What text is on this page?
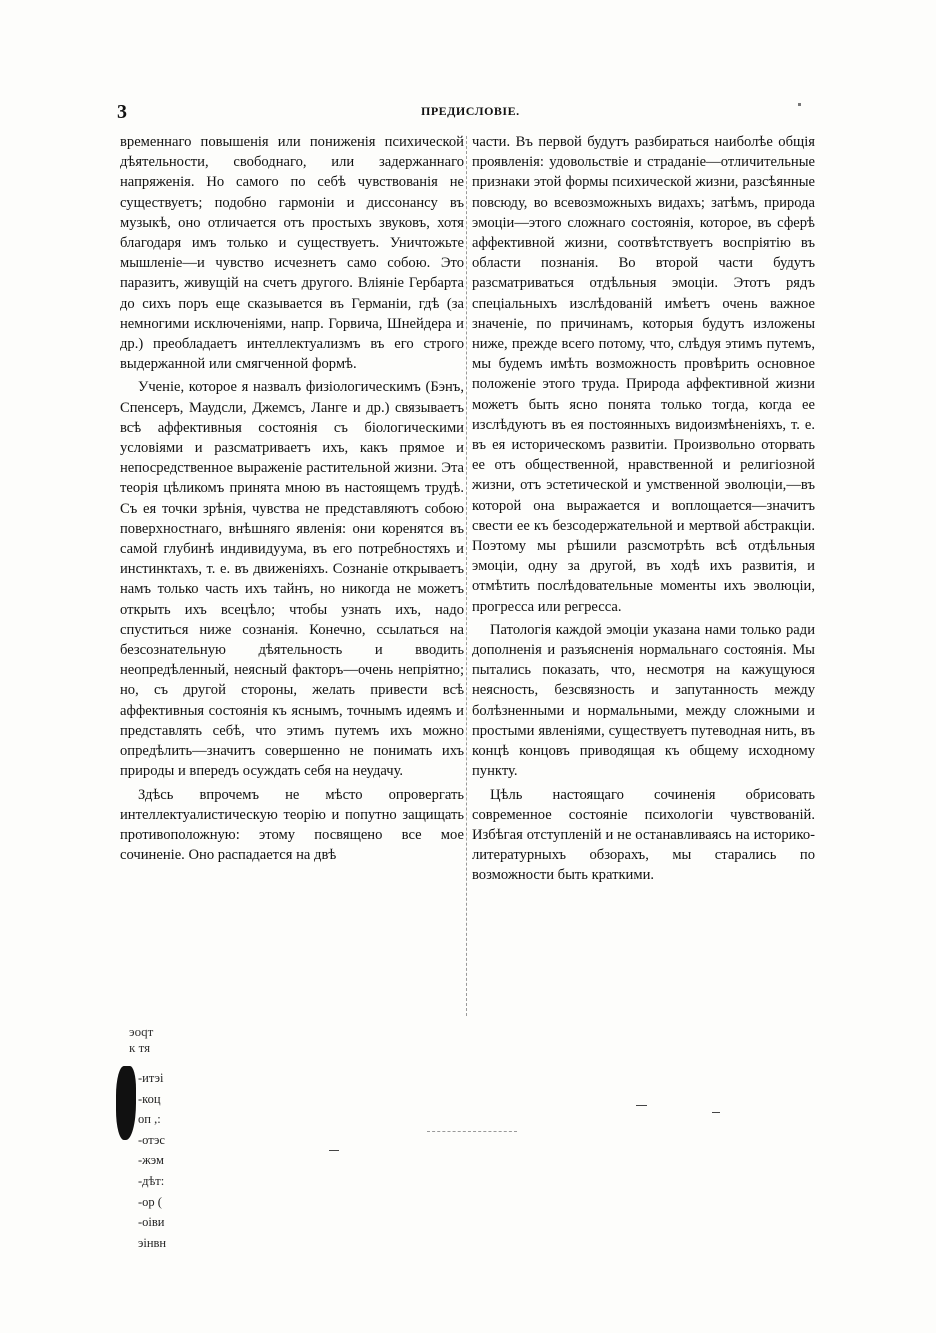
3	ПРЕДИСЛОВІЕ.

временнаго повышенія или пониженія психической дѣятельности, свободнаго, или задержаннаго напряженія. Но самого по себѣ чувствованія не существуетъ; подобно гармоніи и диссонансу въ музыкѣ, оно отличается отъ простыхъ звуковъ, хотя благодаря имъ только и существуетъ. Уничтожьте мышленіе—и чувство исчезнетъ само собою. Это паразитъ, живущій на счетъ другого. Вліяніе Гербарта до сихъ поръ еще сказывается въ Германіи, гдѣ (за немногими исключеніями, напр. Горвича, Шнейдера и др.) преобладаетъ интеллектуализмъ въ его строго выдержанной или смягченной формѣ.

Ученіе, которое я назвалъ физіологическимъ (Бэнъ, Спенсеръ, Маудсли, Джемсъ, Ланге и др.) связываетъ всѣ аффективныя состоянія съ біологическими условіями и разсматриваетъ ихъ, какъ прямое и непосредственное выраженіе растительной жизни. Эта теорія цѣликомъ принята мною въ настоящемъ трудѣ. Съ ея точки зрѣнія, чувства не представляютъ собою поверхностнаго, внѣшняго явленія: они коренятся въ самой глубинѣ индивидуума, въ его потребностяхъ и инстинктахъ, т. е. въ движеніяхъ. Сознаніе открываетъ намъ только часть ихъ тайнъ, но никогда не можетъ открыть ихъ всецѣло; чтобы узнать ихъ, надо спуститься ниже сознанія. Конечно, ссылаться на безсознательную дѣятельность и вводить неопредѣленный, неясный факторъ—очень непріятно; но, съ другой стороны, желать привести всѣ аффективныя состоянія къ яснымъ, точнымъ идеямъ и представлять себѣ, что этимъ путемъ ихъ можно опредѣлить—значитъ совершенно не понимать ихъ природы и впередъ осуждать себя на неудачу.

Здѣсь впрочемъ не мѣсто опровергать интеллектуалистическую теорію и попутно защищать противоположную: этому посвящено все мое сочиненіе. Оно распадается на двѣ

части. Въ первой будутъ разбираться наиболѣе общія проявленія: удовольствіе и страданіе—отличительные признаки этой формы психической жизни, разсѣянные повсюду, во всевозможныхъ видахъ; затѣмъ, природа эмоціи—этого сложнаго состоянія, которое, въ сферѣ аффективной жизни, соотвѣтствуетъ воспріятію въ области познанія. Во второй части будутъ разсматриваться отдѣльныя эмоціи. Этотъ рядъ спеціальныхъ изслѣдованій имѣетъ очень важное значеніе, по причинамъ, которыя будутъ изложены ниже, прежде всего потому, что, слѣдуя этимъ путемъ, мы будемъ имѣть возможность провѣрить основное положеніе этого труда. Природа аффективной жизни можетъ быть ясно понята только тогда, когда ее изслѣдуютъ въ ея постоянныхъ видоизмѣненіяхъ, т. е. въ ея историческомъ развитіи. Произвольно оторвать ее отъ общественной, нравственной и религіозной жизни, отъ эстетической и умственной эволюціи,—въ которой она выражается и воплощается—значитъ свести ее къ безсодержательной и мертвой абстракціи. Поэтому мы рѣшили разсмотрѣть всѣ отдѣльныя эмоціи, одну за другой, въ ходѣ ихъ развитія, и отмѣтить послѣдовательные моменты ихъ эволюціи, прогресса или регресса.

Патологія каждой эмоціи указана нами только ради дополненія и разъясненія нормальнаго состоянія. Мы пытались показать, что, несмотря на кажущуюся неясность, безсвязность и запутанность между болѣзненными и нормальными, между сложными и простыми явленіями, существуетъ путеводная нить, въ концѣ концовъ приводящая къ общему исходному пункту.

Цѣль настоящаго сочиненія обрисовать современное состояніе психологіи чувствованій. Избѣгая отступленій и не останавливаясь на историко-литературныхъ обзорахъ, мы старались по возможности быть краткими.

эоqт
к тя
-итэі
-коц
оп ,:
-отэс
-жэм
-дѣт:
-ор (
-оіви
эінвн
